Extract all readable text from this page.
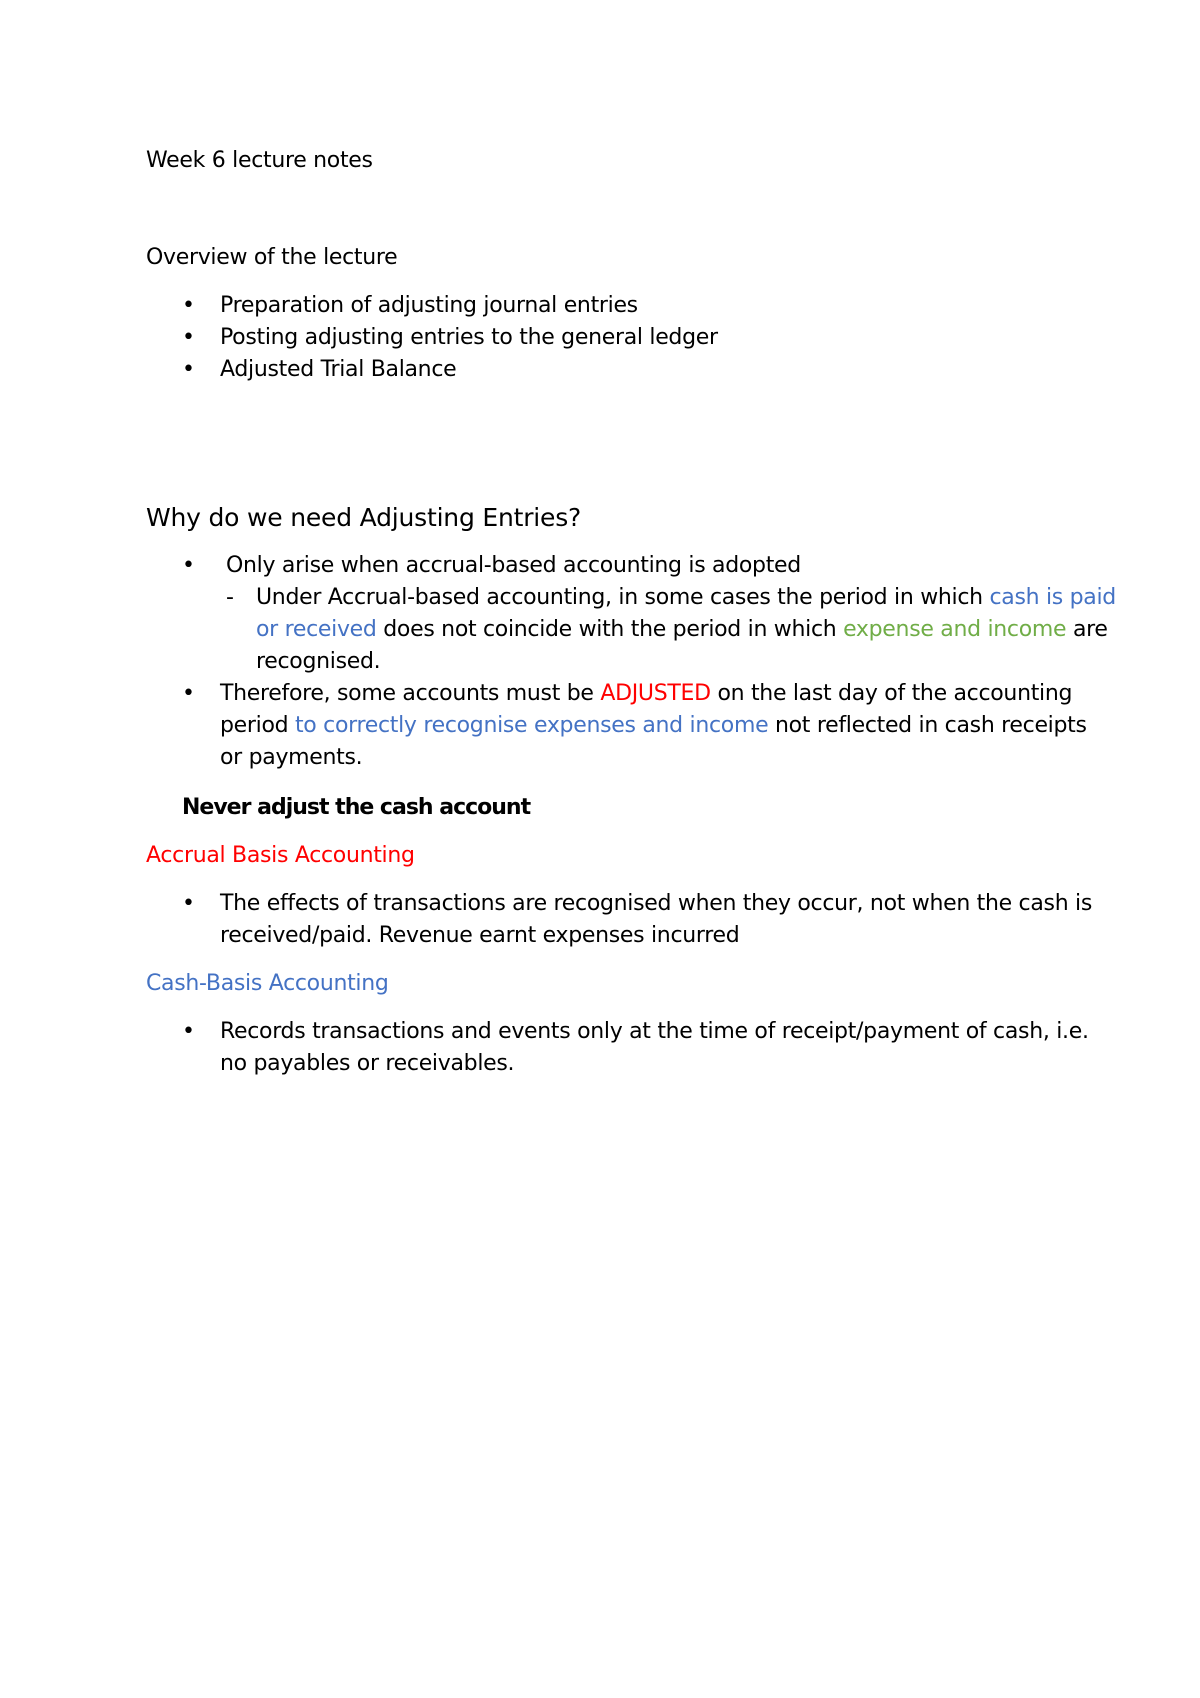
Week 6 lecture notes

Overview of the lecture

• Preparation of adjusting journal entries
• Posting adjusting entries to the general ledger
• Adjusted Trial Balance

Why do we need Adjusting Entries?

• Only arise when accrual-based accounting is adopted
- Under Accrual-based accounting, in some cases the period in which cash is paid or received does not coincide with the period in which expense and income are recognised.
• Therefore, some accounts must be ADJUSTED on the last day of the accounting period to correctly recognise expenses and income not reflected in cash receipts or payments.

Never adjust the cash account

Accrual Basis Accounting

• The effects of transactions are recognised when they occur, not when the cash is received/paid. Revenue earnt expenses incurred

Cash-Basis Accounting

• Records transactions and events only at the time of receipt/payment of cash, i.e. no payables or receivables.
